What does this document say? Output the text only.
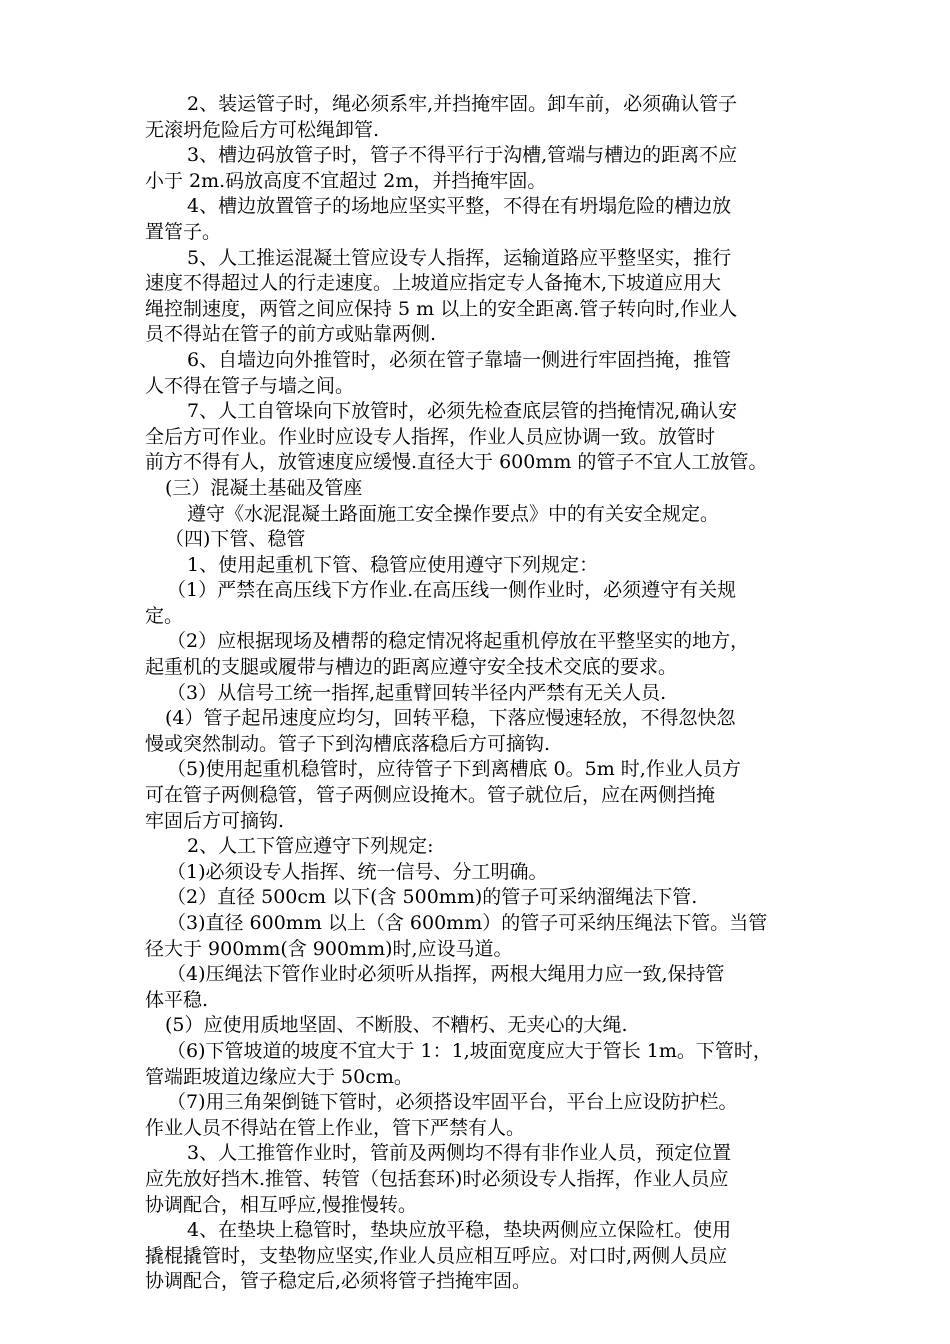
2、装运管子时，绳必须系牢,并挡掩牢固。卸车前，必须确认管子
无滚坍危险后方可松绳卸管.
3、槽边码放管子时，管子不得平行于沟槽,管端与槽边的距离不应
小于 2m.码放高度不宜超过 2m，并挡掩牢固。
4、槽边放置管子的场地应坚实平整，不得在有坍塌危险的槽边放
置管子。
5、人工推运混凝土管应设专人指挥，运输道路应平整坚实，推行
速度不得超过人的行走速度。上坡道应指定专人备掩木,下坡道应用大
绳控制速度，两管之间应保持 5 m 以上的安全距离.管子转向时,作业人
员不得站在管子的前方或贴靠两侧.
6、自墙边向外推管时，必须在管子靠墙一侧进行牢固挡掩，推管
人不得在管子与墙之间。
7、人工自管垛向下放管时，必须先检查底层管的挡掩情况,确认安
全后方可作业。作业时应设专人指挥，作业人员应协调一致。放管时
前方不得有人，放管速度应缓慢.直径大于 600mm 的管子不宜人工放管。
(三）混凝土基础及管座
遵守《水泥混凝土路面施工安全操作要点》中的有关安全规定。
（四)下管、稳管
1、使用起重机下管、稳管应使用遵守下列规定：
（1）严禁在高压线下方作业.在高压线一侧作业时，必须遵守有关规
定。
（2）应根据现场及槽帮的稳定情况将起重机停放在平整坚实的地方，
起重机的支腿或履带与槽边的距离应遵守安全技术交底的要求。
（3）从信号工统一指挥,起重臂回转半径内严禁有无关人员.
(4）管子起吊速度应均匀，回转平稳，下落应慢速轻放，不得忽快忽
慢或突然制动。管子下到沟槽底落稳后方可摘钩.
（5)使用起重机稳管时，应待管子下到离槽底 0。5m 时,作业人员方
可在管子两侧稳管，管子两侧应设掩木。管子就位后，应在两侧挡掩
牢固后方可摘钩.
2、人工下管应遵守下列规定:
（1)必须设专人指挥、统一信号、分工明确。
（2）直径 500cm 以下(含 500mm)的管子可采纳溜绳法下管.
（3)直径 600mm 以上（含 600mm）的管子可采纳压绳法下管。当管
径大于 900mm(含 900mm)时,应设马道。
（4)压绳法下管作业时必须听从指挥，两根大绳用力应一致,保持管
体平稳.
(5）应使用质地坚固、不断股、不糟朽、无夹心的大绳.
（6)下管坡道的坡度不宜大于 1：1,坡面宽度应大于管长 1m。下管时，
管端距坡道边缘应大于 50cm。
（7)用三角架倒链下管时，必须搭设牢固平台，平台上应设防护栏。
作业人员不得站在管上作业，管下严禁有人。
3、人工推管作业时，管前及两侧均不得有非作业人员，预定位置
应先放好挡木.推管、转管（包括套环)时必须设专人指挥，作业人员应
协调配合，相互呼应,慢推慢转。
4、在垫块上稳管时，垫块应放平稳，垫块两侧应立保险杠。使用
撬棍撬管时，支垫物应坚实,作业人员应相互呼应。对口时,两侧人员应
协调配合，管子稳定后,必须将管子挡掩牢固。
